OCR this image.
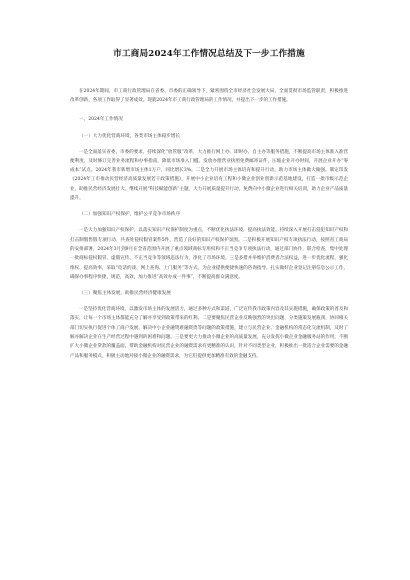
市工商局2024年工作情况总结及下一步工作措施

在2024年期间，市工商行政管理局在省委、市委的正确领导下，紧密围绕全市经济社会发展大局，全面贯彻市场监管职责，积极推进改革创新，各项工作取得了显著成效。现就2024年市工商行政管理局的工作情况，并提出下一步的工作措施。

一、2024年工作情况

（一）大力优化营商环境，各类市场主体稳步增长

一是全面落实省委、市委的要求，持续深化“放管服”改革，大力推行网上办、即时办、自主办等服务措施，不断提高市场主体准入准营便利度，及时修订完善业务流程和办事指南，降低市场准入门槛。发放办理营业执照免费邮寄证件，压缩企业开办时间，开展企业开办“零成本”试点。2024年我市新增市场主体1万户，同比增长3%。二是全力开展市场主体培育和提升行动，助力市场主体做大做强。制定印发《2024年工市推动民营经济高质量发展若干政策措施》，开展中小企业培育工程和小微企业创业创新示范基地建设，打造一批市级示范企业，助推民营经济发展壮大。继续开展“科技赋能创新”主题，大力开展质量提升行动，免费向中小微企业进行相关培训，助力企业产品质量提升。

（二）加强知识产权保护，维护公平竞争市场秩序

一是大力加强知识产权保护，以落实知识产权保护制度为重点，不断优化执法环境，提高执法效能。持续深入开展打击侵犯知识产权和打击制假售假专项行动，共查处侵权假冒案件5件，营造了良好的知识产权保护氛围。二是积极开展知识产权专项执法行动，按照省工商局的安排部署，2024年3月到9月在全省范围内开展了重点领域商标专用权和不正当竞争专项执法行动，通过部门协作、联合检查，集中处理一批商标侵权假冒、虚假宣传、不正当竞争等领域违法行为，净化了市场环境。三是多措并举维护消费者合法权益，进一步优化流程、强化维权、提高效率，采取“电话约谈、网上查询、上门服务”等方式，为企业提供便捷快速的咨询指导。扎实做好企业登记注册信息公示工作，确保办事程序快捷、规范，高效，加力推进“高效办成一件事”，不断提高群众满意度。

（三）聚焦主体发展，助推民营经济健康发展

一是坚持优化营商环境，以激发市场主体的发展活力，通过多种方式和渠道，广泛宣传我市政策内容及其实施措施，确保政策的普及和落实，让每一个市场主体都能充分了解并享受到政策带来的红利。二是要聚焦民营企业反映强烈的突出问题，分类施策发展瓶颈，协同相关部门切实执行促进个体工商户发展、解决中小企业融资难融资贵等问题的政策措施，建立与民营企业、金融机构的常态化交流机制，及时了解并解决企业在生产经营过程中遇到的困难和问题。三是要更大力推动小微企业的高质量发展，充分发挥小微企业金融服务站的作用，不断扩大小微企业贷款的覆盖面，帮助金融机构对民营企业的融资需求有更精准的认识，针对不同类型企业，积极推出一批适合企业需要的金融产品和服务模式，积极主动地对接小微企业的融资需求，为它们提供更加精准有效的金融支持。
